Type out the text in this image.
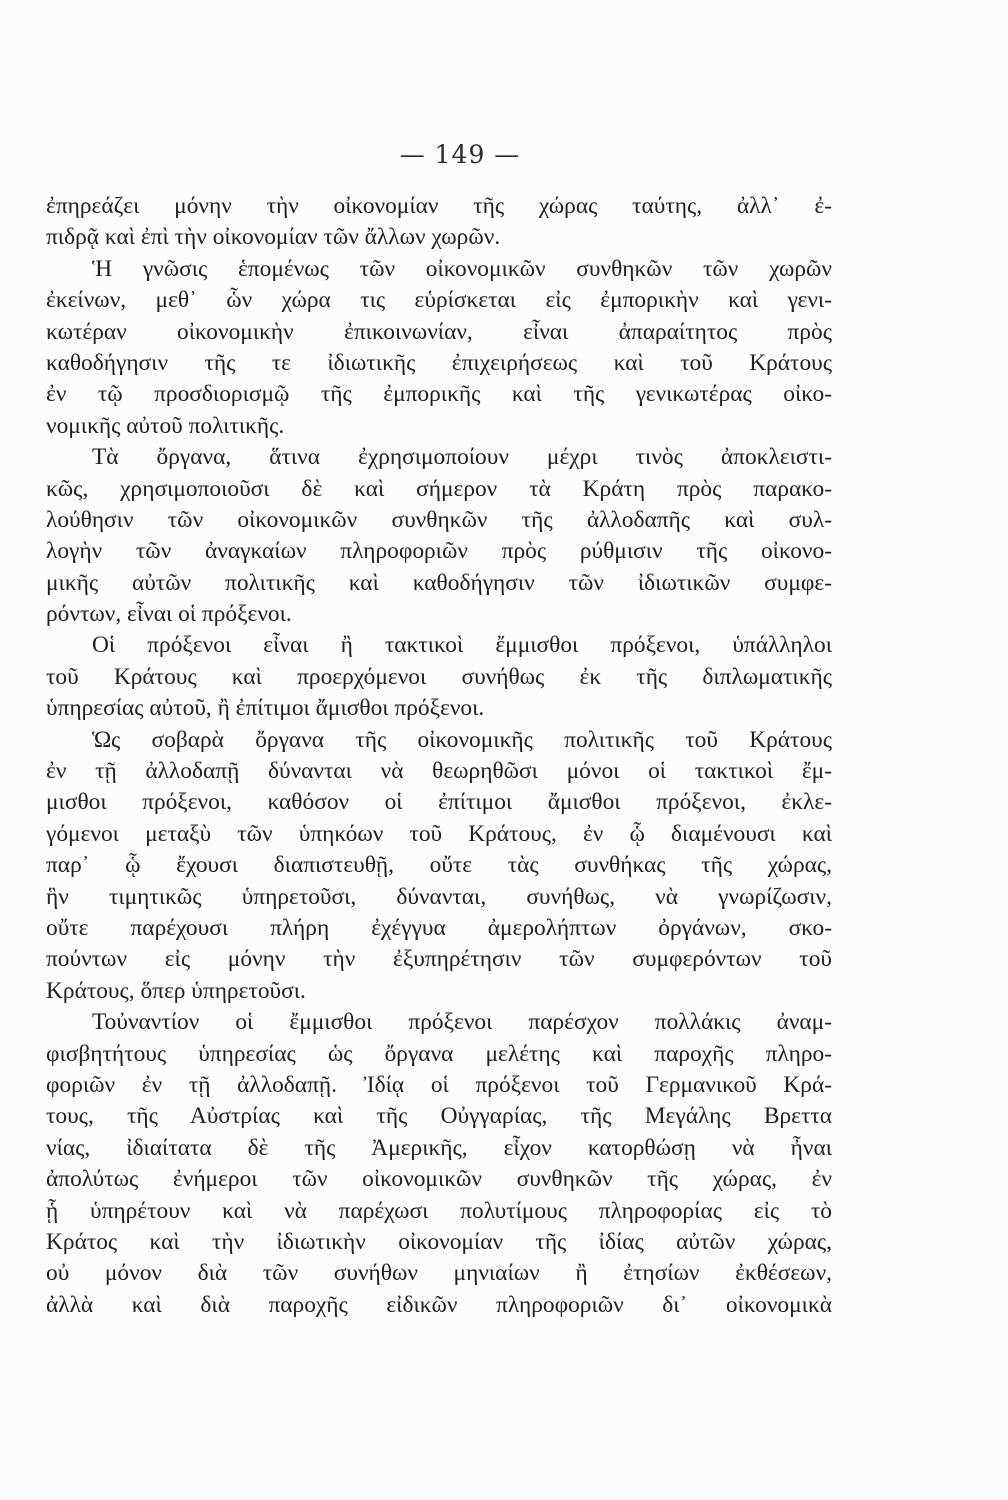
— 149 —
ἐπηρεάζει μόνην τὴν οἰκονομίαν τῆς χώρας ταύτης, ἀλλ᾽ ἐ-
πιδρᾷ καὶ ἐπὶ τὴν οἰκονομίαν τῶν ἄλλων χωρῶν.
Ἡ γνῶσις ἑπομένως τῶν οἰκονομικῶν συνθηκῶν τῶν χωρῶν
ἐκείνων, μεθ᾽ ὧν χώρα τις εὑρίσκεται εἰς ἐμπορικὴν καὶ γενι-
κωτέραν οἰκονομικὴν ἐπικοινωνίαν, εἶναι ἀπαραίτητος πρὸς
καθοδήγησιν τῆς τε ἰδιωτικῆς ἐπιχειρήσεως καὶ τοῦ Κράτους
ἐν τῷ προσδιορισμῷ τῆς ἐμπορικῆς καὶ τῆς γενικωτέρας οἰκο-
νομικῆς αὐτοῦ πολιτικῆς.
Τὰ ὄργανα, ἅτινα ἐχρησιμοποίουν μέχρι τινὸς ἀποκλειστι-
κῶς, χρησιμοποιοῦσι δὲ καὶ σήμερον τὰ Κράτη πρὸς παρακο-
λούθησιν τῶν οἰκονομικῶν συνθηκῶν τῆς ἀλλοδαπῆς καὶ συλ-
λογὴν τῶν ἀναγκαίων πληροφοριῶν πρὸς ρύθμισιν τῆς οἰκονο-
μικῆς αὐτῶν πολιτικῆς καὶ καθοδήγησιν τῶν ἰδιωτικῶν συμφε-
ρόντων, εἶναι οἱ πρόξενοι.
Οἱ πρόξενοι εἶναι ἢ τακτικοὶ ἔμμισθοι πρόξενοι, ὑπάλληλοι
τοῦ Κράτους καὶ προερχόμενοι συνήθως ἐκ τῆς διπλωματικῆς
ὑπηρεσίας αὐτοῦ, ἢ ἐπίτιμοι ἄμισθοι πρόξενοι.
Ὡς σοβαρὰ ὄργανα τῆς οἰκονομικῆς πολιτικῆς τοῦ Κράτους
ἐν τῇ ἀλλοδαπῇ δύνανται νὰ θεωρηθῶσι μόνοι οἱ τακτικοὶ ἔμ-
μισθοι πρόξενοι, καθόσον οἱ ἐπίτιμοι ἄμισθοι πρόξενοι, ἐκλε-
γόμενοι μεταξὺ τῶν ὑπηκόων τοῦ Κράτους, ἐν ᾧ διαμένουσι καὶ
παρ᾽ ᾧ ἔχουσι διαπιστευθῇ, οὔτε τὰς συνθήκας τῆς χώρας,
ἣν τιμητικῶς ὑπηρετοῦσι, δύνανται, συνήθως, νὰ γνωρίζωσιν,
οὔτε παρέχουσι πλήρη ἐχέγγυα ἀμερολήπτων ὀργάνων, σκο-
πούντων εἰς μόνην τὴν ἐξυπηρέτησιν τῶν συμφερόντων τοῦ
Κράτους, ὅπερ ὑπηρετοῦσι.
Τοὐναντίον οἱ ἔμμισθοι πρόξενοι παρέσχον πολλάκις ἀναμ-
φισβητήτους ὑπηρεσίας ὡς ὄργανα μελέτης καὶ παροχῆς πληρο-
φοριῶν ἐν τῇ ἀλλοδαπῇ. Ἰδίᾳ οἱ πρόξενοι τοῦ Γερμανικοῦ Κρά-
τους, τῆς Αὐστρίας καὶ τῆς Οὐγγαρίας, τῆς Μεγάλης Βρεττα
νίας, ἰδιαίτατα δὲ τῆς Ἀμερικῆς, εἶχον κατορθώσῃ νὰ ἦναι
ἀπολύτως ἐνήμεροι τῶν οἰκονομικῶν συνθηκῶν τῆς χώρας, ἐν
ᾗ ὑπηρέτουν καὶ νὰ παρέχωσι πολυτίμους πληροφορίας εἰς τὸ
Κράτος καὶ τὴν ἰδιωτικὴν οἰκονομίαν τῆς ἰδίας αὐτῶν χώρας,
οὐ μόνον διὰ τῶν συνήθων μηνιαίων ἢ ἐτησίων ἐκθέσεων,
ἀλλὰ καὶ διὰ παροχῆς εἰδικῶν πληροφοριῶν δι᾽ οἰκονομικὰ
